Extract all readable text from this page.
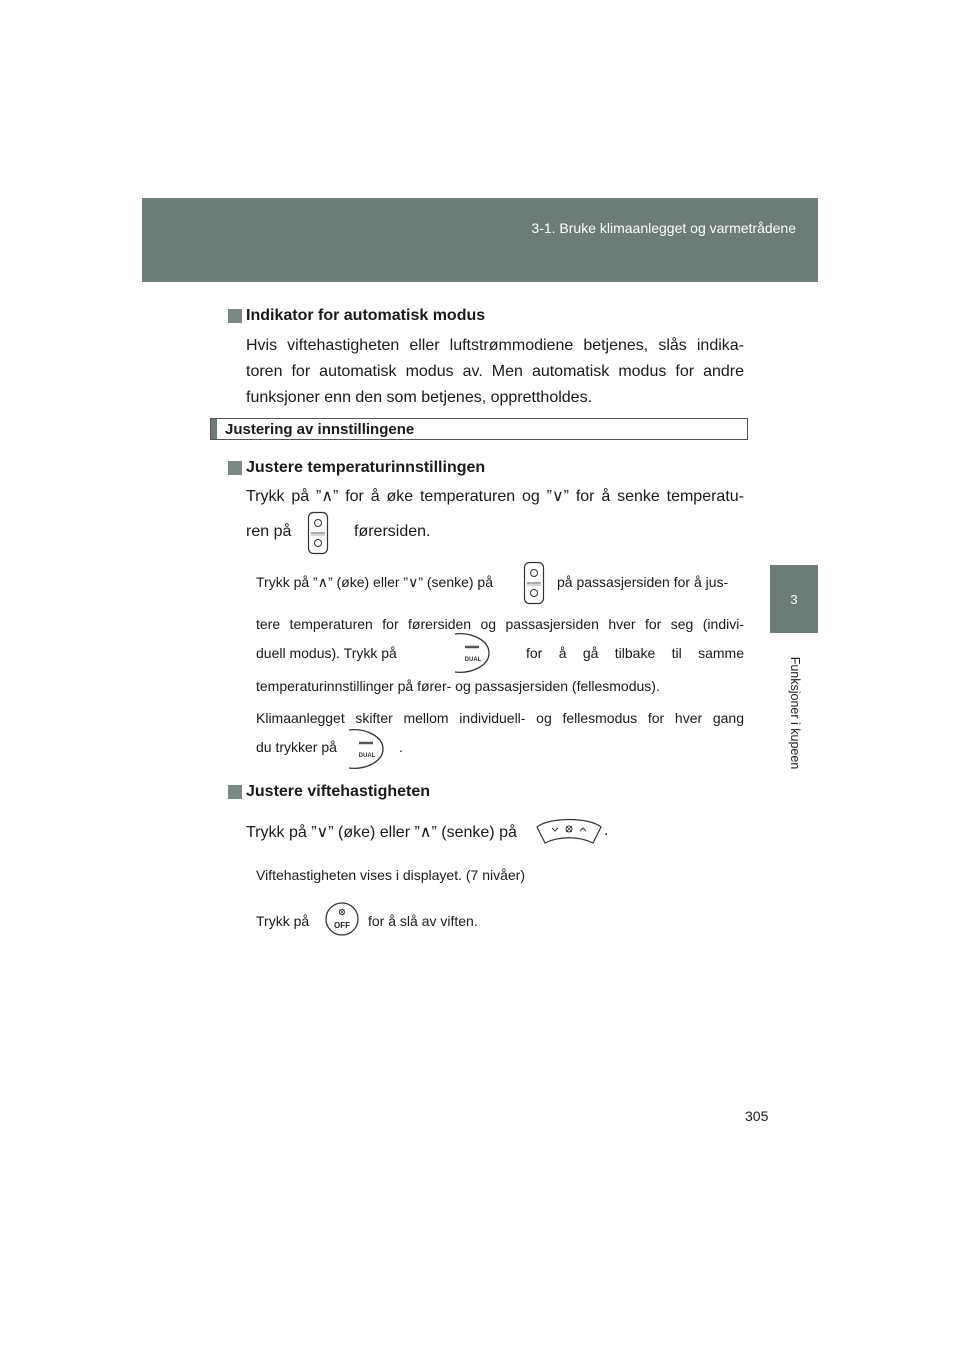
3-1. Bruke klimaanlegget og varmetrådene
3
Funksjoner i kupeen
Indikator for automatisk modus

Hvis viftehastigheten eller luftstrømmodiene betjenes, slås indika-toren for automatisk modus av. Men automatisk modus for andre funksjoner enn den som betjenes, opprettholdes.

Justering av innstillingene
Justere temperaturinnstillingen
Trykk på ”∧” for å øke temperaturen og ”∨” for å senke temperatu-
ren på	førersiden.
Trykk på ”∧” (øke) eller ”∨” (senke) på	på passasjersiden for å jus-
tere temperaturen for førersiden og passasjersiden hver for seg (indivi-
duell modus). Trykk på	DUAL	for å gå tilbake til samme
temperaturinnstillinger på fører- og passasjersiden (fellesmodus).
Klimaanlegget skifter mellom individuell- og fellesmodus for hver gang
du trykker på
DUAL
.
Justere viftehastigheten
Trykk på ”∨” (øke) eller ”∧” (senke) på	.
Viftehastigheten vises i displayet. (7 nivåer)
Trykk på	OFF for å slå av viften.
305
